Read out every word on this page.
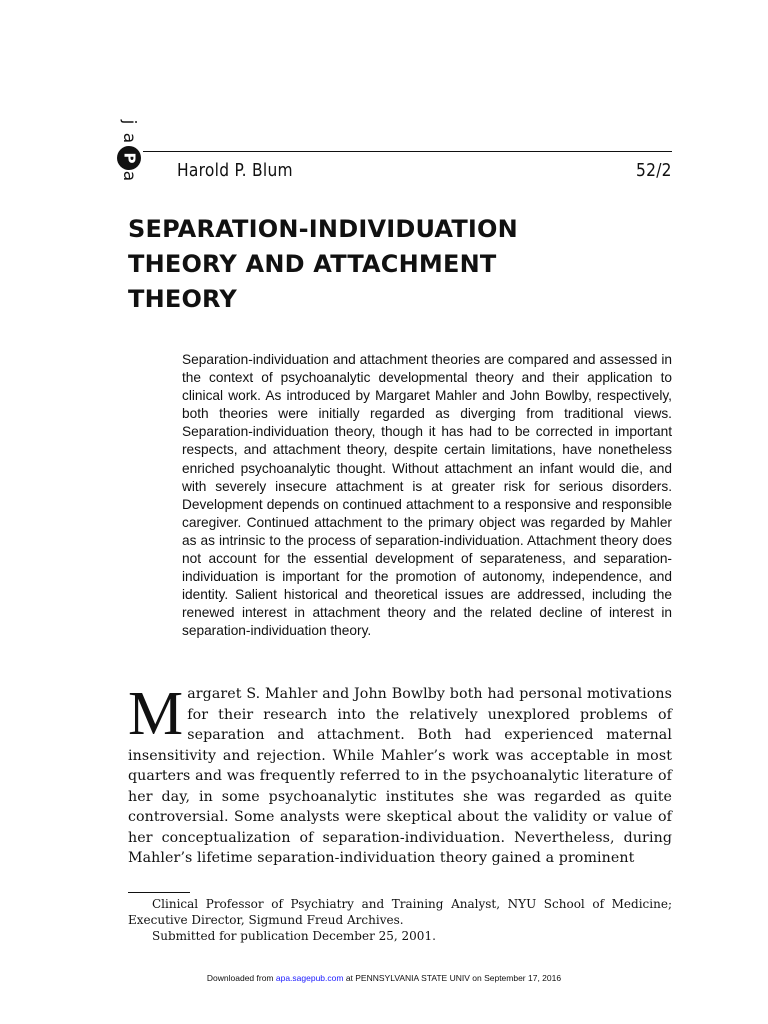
j
a
P
a Harold P. Blum	52/2
SEPARATION-INDIVIDUATION
THEORY AND ATTACHMENT
THEORY

Separation-individuation and attachment theories are compared and assessed in the context of psychoanalytic developmental theory and their application to clinical work. As introduced by Margaret Mahler and John Bowlby, respectively, both theories were initially regarded as diverging from traditional views. Separation-individuation theory, though it has had to be corrected in important respects, and attachment theory, despite certain limitations, have nonetheless enriched psychoanalytic thought. Without attachment an infant would die, and with severely insecure attachment is at greater risk for serious disorders. Development depends on continued attachment to a responsive and responsible caregiver. Continued attachment to the primary object was regarded by Mahler as as intrinsic to the process of separation-individuation. Attachment theory does not account for the essential development of separateness, and separation-individuation is important for the promotion of autonomy, independence, and identity. Salient historical and theoretical issues are addressed, including the renewed interest in attachment theory and the related decline of interest in separation-individuation theory.

Margaret S. Mahler and John Bowlby both had personal motivations for their research into the relatively unexplored problems of separation and attachment. Both had experienced maternal insensitivity and rejection. While Mahler’s work was acceptable in most quarters and was frequently referred to in the psychoanalytic literature of her day, in some psychoanalytic institutes she was regarded as quite controversial. Some analysts were skeptical about the validity or value of her conceptualization of separation-individuation. Nevertheless, during Mahler’s lifetime separation-individuation theory gained a prominent

Clinical Professor of Psychiatry and Training Analyst, NYU School of Medicine; Executive Director, Sigmund Freud Archives.

Submitted for publication December 25, 2001.

Downloaded from apa.sagepub.com at PENNSYLVANIA STATE UNIV on September 17, 2016
